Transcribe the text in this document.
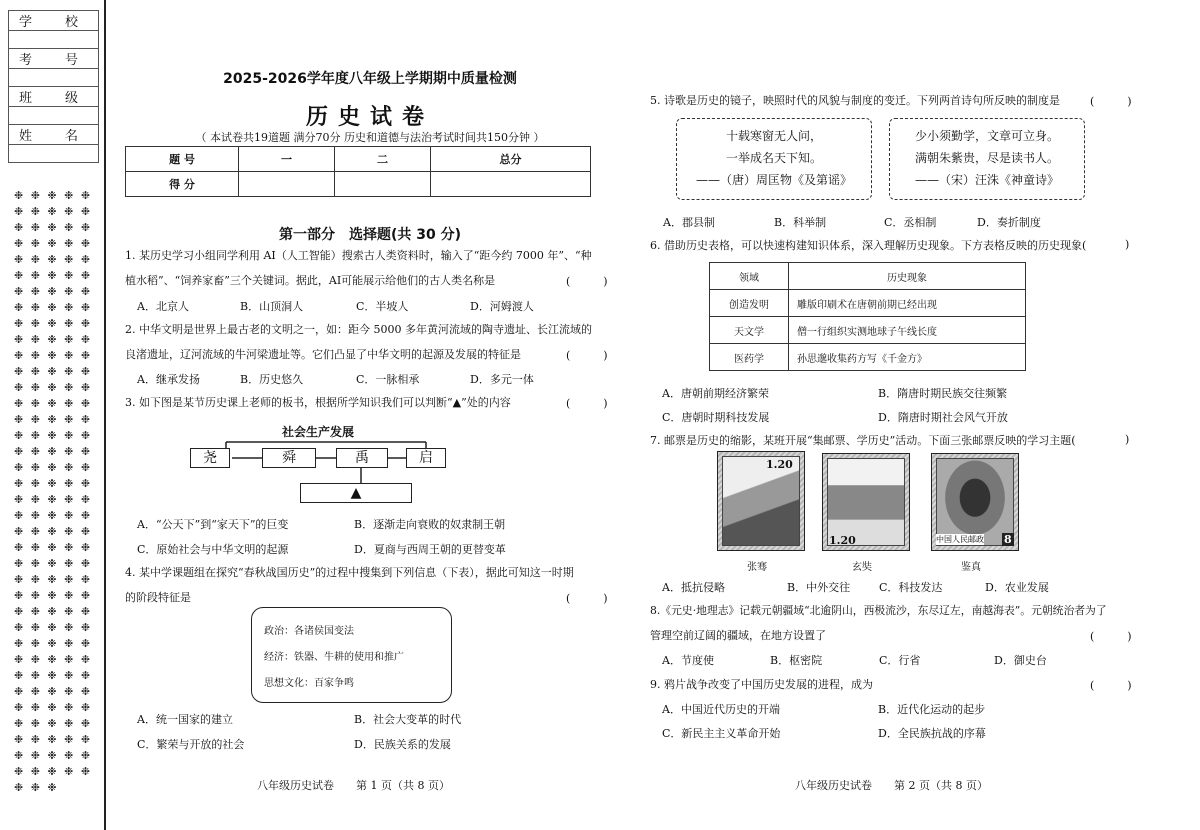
学　校

考　号

班　级

姓　名

❉ ❉ ❉ ❉ ❉ ❉ ❉ ❉ ❉ ❉ ❉ ❉ ❉ ❉ ❉ ❉ ❉ ❉ ❉ ❉ ❉ ❉ ❉ ❉ ❉ ❉ ❉ ❉ ❉ ❉ ❉ ❉ ❉ ❉ ❉ ❉ ❉ ❉ ❉ ❉ ❉ ❉ ❉ ❉ ❉ ❉ ❉ ❉ ❉ ❉ ❉ ❉ ❉ ❉ ❉ ❉ ❉ ❉ ❉ ❉ ❉ ❉ ❉ ❉ ❉ ❉ ❉ ❉ ❉ ❉ ❉ ❉ ❉ ❉ ❉ ❉ ❉ ❉ ❉ ❉ ❉ ❉ ❉ ❉ ❉ ❉ ❉ ❉ ❉ ❉ ❉ ❉ ❉ ❉ ❉ ❉ ❉ ❉ ❉ ❉ ❉ ❉ ❉ ❉ ❉ ❉ ❉ ❉ ❉ ❉ ❉ ❉ ❉ ❉ ❉ ❉ ❉ ❉ ❉ ❉ ❉ ❉ ❉ ❉ ❉ ❉ ❉ ❉ ❉ ❉ ❉ ❉ ❉ ❉ ❉ ❉ ❉ ❉ ❉ ❉ ❉ ❉ ❉ ❉ ❉ ❉ ❉ ❉ ❉ ❉ ❉ ❉ ❉ ❉ ❉ ❉ ❉ ❉ ❉ ❉ ❉ ❉ ❉ ❉ ❉ ❉ ❉ ❉ ❉ ❉ ❉ ❉ ❉ ❉ ❉ ❉ ❉ ❉ ❉ ❉ ❉ ❉ ❉ ❉ ❉ ❉ ❉ ❉
2025-2026学年度八年级上学期期中质量检测
历史试卷
（ 本试卷共19道题 满分70分 历史和道德与法治考试时间共150分钟 ）
题 号	一	二	总分
得 分			
第一部分　选择题(共 30 分)
1. 某历史学习小组同学利用 AI（人工智能）搜索古人类资料时，输入了“距今约 7000 年”、“种
植水稻”、“饲养家畜”三个关键词。据此，AI可能展示给他们的古人类名称是	(　　　)
A．北京人	B．山顶洞人	C．半坡人	D．河姆渡人
2. 中华文明是世界上最古老的文明之一，如：距今 5000 多年黄河流域的陶寺遗址、长江流域的
良渚遗址，辽河流域的牛河梁遗址等。它们凸显了中华文明的起源及发展的特征是	(　　　)
A．继承发扬	B．历史悠久	C．一脉相承	D．多元一体
3. 如下图是某节历史课上老师的板书，根据所学知识我们可以判断“▲”处的内容	(　　　)
社会生产发展
尧	舜	禹	启
▲
A．“公天下”到“家天下”的巨变	B．逐渐走向衰败的奴隶制王朝
C．原始社会与中华文明的起源	D．夏商与西周王朝的更替变革
4. 某中学课题组在探究“春秋战国历史”的过程中搜集到下列信息（下表），据此可知这一时期
的阶段特征是	(　　　)
政治：各诸侯国变法
经济：铁器、牛耕的使用和推广
思想文化：百家争鸣
A．统一国家的建立	B．社会大变革的时代
C．繁荣与开放的社会	D．民族关系的发展
八年级历史试卷　　第 1 页（共 8 页）
5. 诗歌是历史的镜子，映照时代的风貌与制度的变迁。下列两首诗句所反映的制度是	(　　　)
十载寒窗无人问，
一举成名天下知。
——（唐）周匡物《及第谣》
少小须勤学，文章可立身。
满朝朱紫贵，尽是读书人。
——（宋）汪洙《神童诗》
A．郡县制	B．科举制	C．丞相制	D．奏折制度
6. 借助历史表格，可以快速构建知识体系，深入理解历史现象。下方表格反映的历史现象(	)
领域	历史现象
创造发明	雕版印刷术在唐朝前期已经出现
天文学	僧一行组织实测地球子午线长度
医药学	孙思邈收集药方写《千金方》
A．唐朝前期经济繁荣	B．隋唐时期民族交往频繁
C．唐朝时期科技发展	D．隋唐时期社会风气开放
7. 邮票是历史的缩影，某班开展“集邮票、学历史”活动。下面三张邮票反映的学习主题(	)
1.20
1.20	中国人民邮政 8
张骞	玄奘	鉴真
A．抵抗侵略	B．中外交往	C．科技发达	D．农业发展
8.《元史·地理志》记载元朝疆域“北逾阴山，西极流沙，东尽辽左，南越海表”。元朝统治者为了
管理空前辽阔的疆域，在地方设置了	(　　　)
A．节度使	B．枢密院	C．行省	D．御史台
9. 鸦片战争改变了中国历史发展的进程，成为	(　　　)
A．中国近代历史的开端	B．近代化运动的起步
C．新民主主义革命开始	D．全民族抗战的序幕
八年级历史试卷　　第 2 页（共 8 页）
